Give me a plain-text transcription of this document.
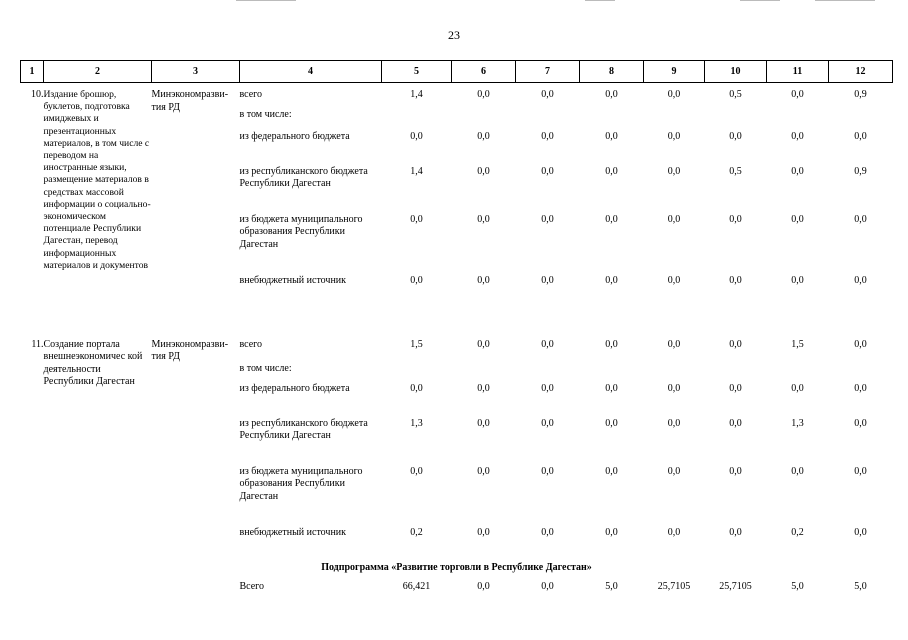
23
1	2	3	4	5	6	7	8	9	10	11	12
10.	Издание брошюр, буклетов, подготовка имиджевых и презентационных материалов, в том числе с переводом на иностранные языки, размещение материалов в средствах массовой информации о социально-экономическом потенциале Республики Дагестан, перевод информационных материалов и документов	Минэкономразви-тия РД	всего	1,4	0,0	0,0	0,0	0,0	0,5	0,0	0,9
			в том числе:								
			из федерального бюджета	0,0	0,0	0,0	0,0	0,0	0,0	0,0	0,0
			из республиканского бюджета Республики Дагестан	1,4	0,0	0,0	0,0	0,0	0,5	0,0	0,9
			из бюджета муниципального образования Республики Дагестан	0,0	0,0	0,0	0,0	0,0	0,0	0,0	0,0
			внебюджетный источник	0,0	0,0	0,0	0,0	0,0	0,0	0,0	0,0
11.	Создание портала внешнеэкономичес кой деятельности Республики Дагестан	Минэкономразви-тия РД	всего	1,5	0,0	0,0	0,0	0,0	0,0	1,5	0,0
			в том числе:								
			из федерального бюджета	0,0	0,0	0,0	0,0	0,0	0,0	0,0	0,0
			из республиканского бюджета Республики Дагестан	1,3	0,0	0,0	0,0	0,0	0,0	1,3	0,0
			из бюджета муниципального образования Республики Дагестан	0,0	0,0	0,0	0,0	0,0	0,0	0,0	0,0
			внебюджетный источник	0,2	0,0	0,0	0,0	0,0	0,0	0,2	0,0
Подпрограмма «Развитие торговли в Республике Дагестан»											
			Всего	66,421	0,0	0,0	5,0	25,7105	25,7105	5,0	5,0
